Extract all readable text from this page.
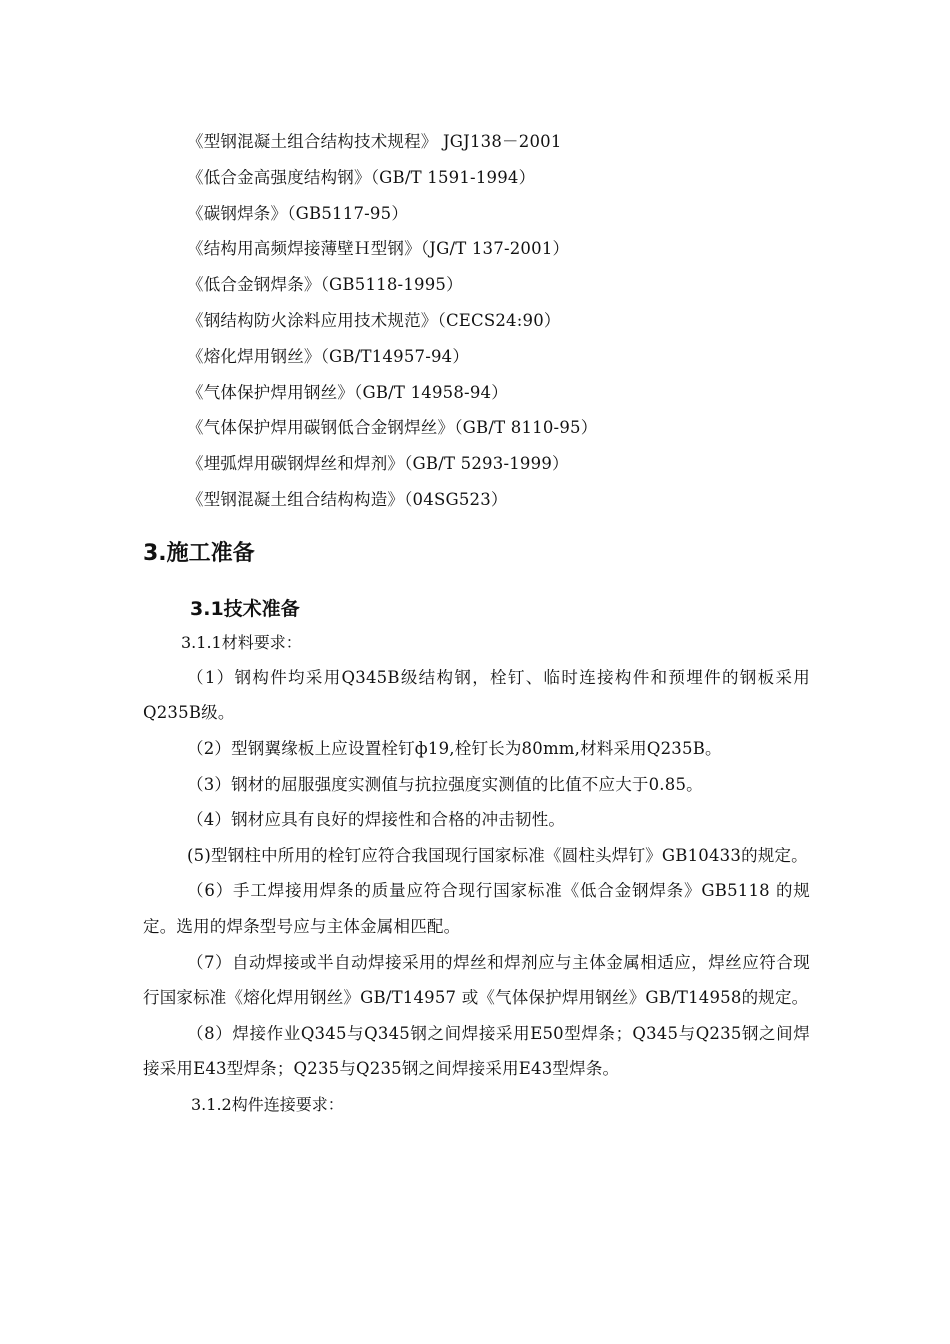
《型钢混凝土组合结构技术规程》 JGJ138－2001
《低合金高强度结构钢》（GB/T 1591-1994）
《碳钢焊条》（GB5117-95）
《结构用高频焊接薄壁Ｈ型钢》（JG/T 137-2001）
《低合金钢焊条》（GB5118-1995）
《钢结构防火涂料应用技术规范》（CECS24:90）
《熔化焊用钢丝》（GB/T14957-94）
《气体保护焊用钢丝》（GB/T 14958-94）
《气体保护焊用碳钢低合金钢焊丝》（GB/T 8110-95）
《埋弧焊用碳钢焊丝和焊剂》（GB/T 5293-1999）
《型钢混凝土组合结构构造》（04SG523）
3.施工准备
3.1技术准备
3.1.1材料要求：

（1）钢构件均采用Q345B级结构钢，栓钉、临时连接构件和预埋件的钢板采用Q235B级。

（2）型钢翼缘板上应设置栓钉ф19,栓钉长为80mm,材料采用Q235B。

（3）钢材的屈服强度实测值与抗拉强度实测值的比值不应大于0.85。

（4）钢材应具有良好的焊接性和合格的冲击韧性。

(5)型钢柱中所用的栓钉应符合我国现行国家标准《圆柱头焊钉》GB10433的规定。

（6）手工焊接用焊条的质量应符合现行国家标准《低合金钢焊条》GB5118 的规定。选用的焊条型号应与主体金属相匹配。

（7）自动焊接或半自动焊接采用的焊丝和焊剂应与主体金属相适应，焊丝应符合现行国家标准《熔化焊用钢丝》GB/T14957 或《气体保护焊用钢丝》GB/T14958的规定。

（8）焊接作业Q345与Q345钢之间焊接采用E50型焊条；Q345与Q235钢之间焊接采用E43型焊条；Q235与Q235钢之间焊接采用E43型焊条。

3.1.2构件连接要求：
